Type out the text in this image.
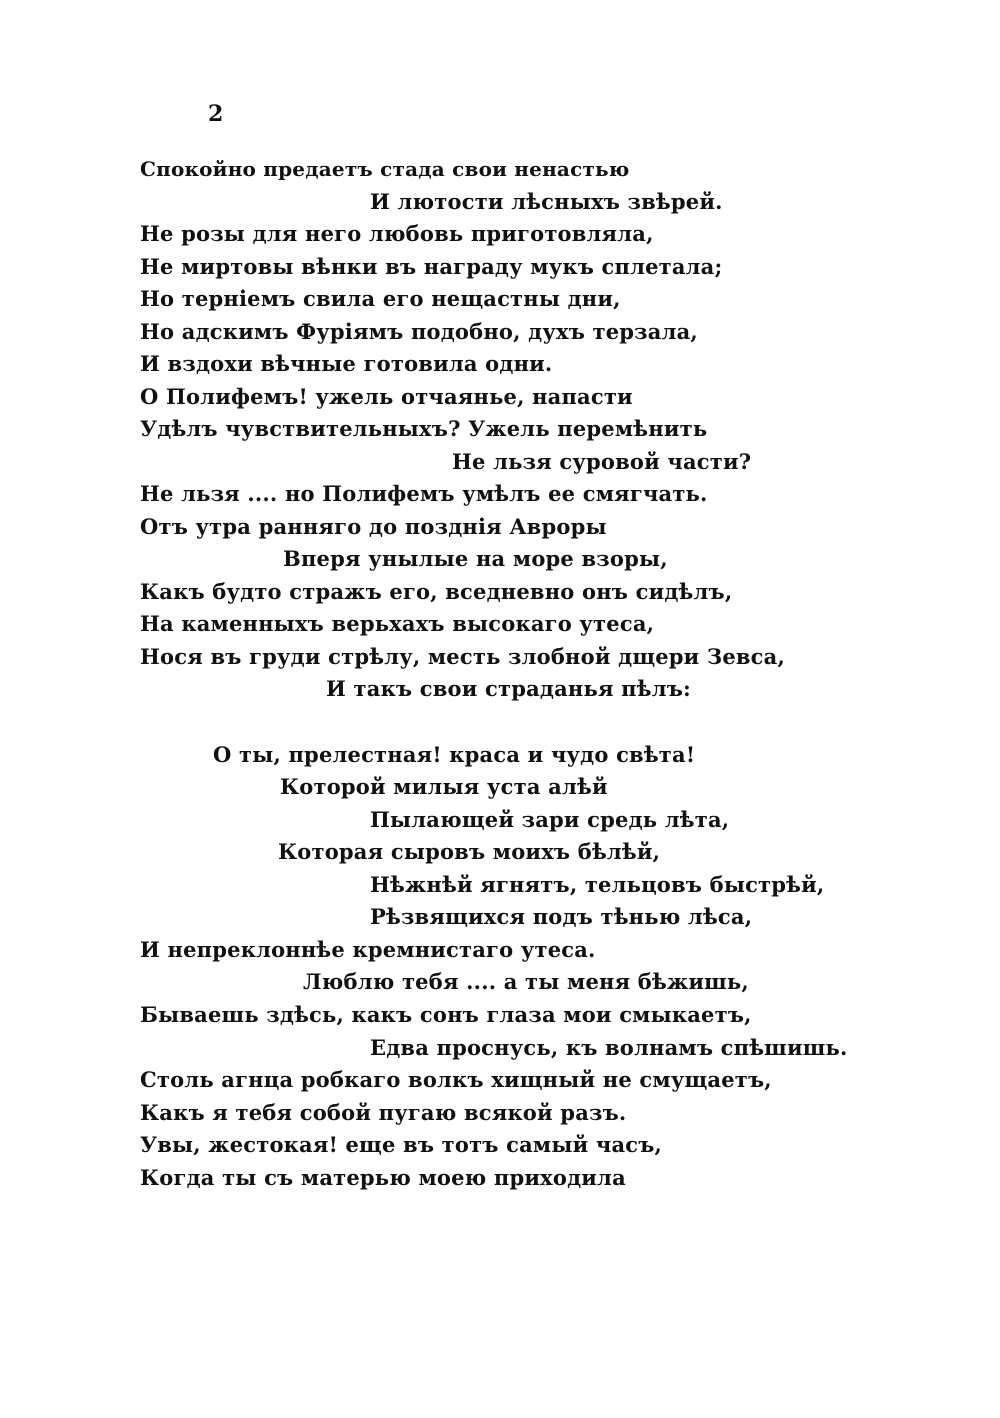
2
Спокойно предаетъ стада свои ненастью
И лютости лѣсныхъ звѣрей.
Не розы для него любовь приготовляла,
Не миртовы вѣнки въ награду мукъ сплетала;
Но терніемъ свила его нещастны дни,
Но адскимъ Фуріямъ подобно, духъ терзала,
И вздохи вѣчные готовила одни.
О Полифемъ! ужель отчаянье, напасти
Удѣлъ чувствительныхъ? Ужель перемѣнить
Не льзя суровой части?
Не льзя .... но Полифемъ умѣлъ ее смягчать.
Отъ утра ранняго до позднія Авроры
Вперя унылые на море взоры,
Какъ будто стражъ его, вседневно онъ сидѣлъ,
На каменныхъ верьхахъ высокаго утеса,
Нося въ груди стрѣлу, месть злобной дщери Зевса,
И такъ свои страданья пѣлъ:
О ты, прелестная! краса и чудо свѣта!
Которой милыя уста алѣй
Пылающей зари средь лѣта,
Которая сыровъ моихъ бѣлѣй,
Нѣжнѣй ягнятъ, тельцовъ быстрѣй,
Рѣзвящихся подъ тѣнью лѣса,
И непреклоннѣе кремнистаго утеса.
Люблю тебя .... а ты меня бѣжишь,
Бываешь здѣсь, какъ сонъ глаза мои смыкаетъ,
Едва проснусь, къ волнамъ спѣшишь.
Столь агнца робкаго волкъ хищный не смущаетъ,
Какъ я тебя собой пугаю всякой разъ.
Увы, жестокая! еще въ тотъ самый часъ,
Когда ты съ матерью моею приходила
